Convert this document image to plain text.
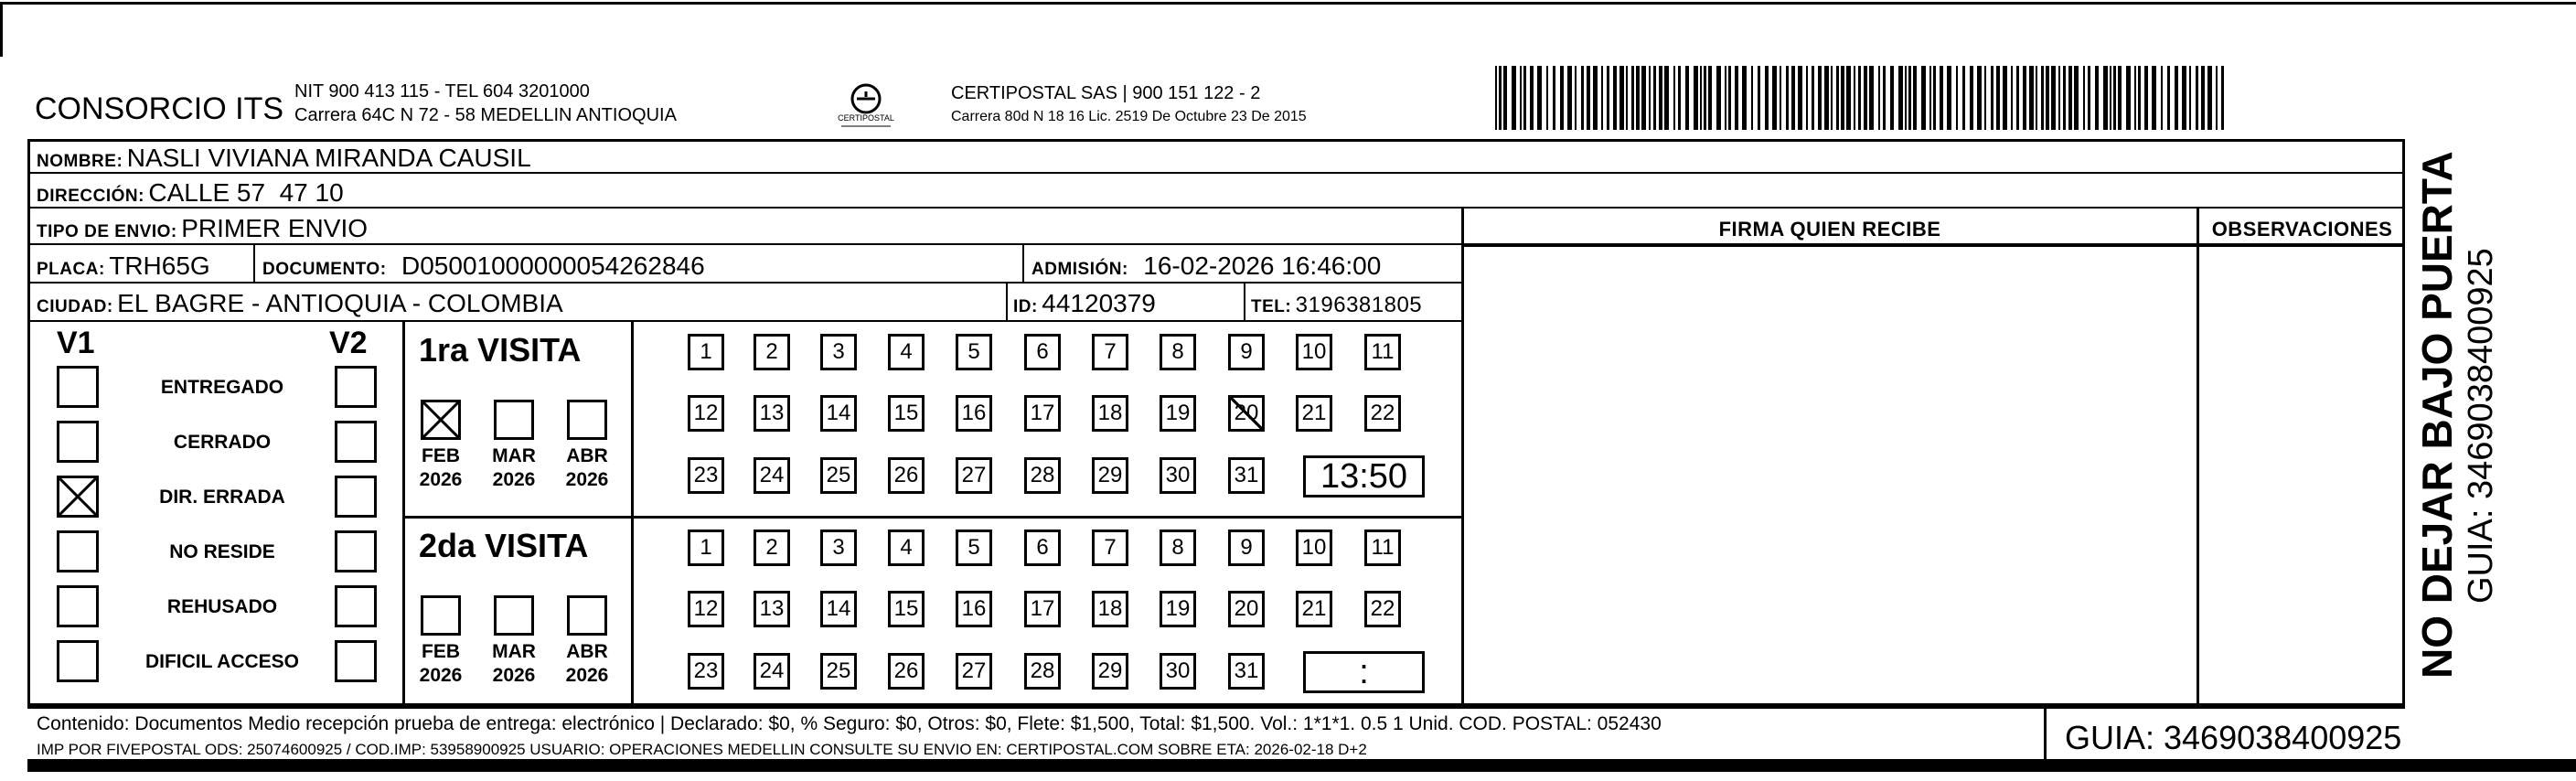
CONSORCIO ITS NIT 900 413 115 - TEL 604 3201000
Carrera 64C N 72 - 58 MEDELLIN ANTIOQUIA	CERTIPOSTAL
CERTIPOSTAL SAS | 900 151 122 - 2
Carrera 80d N 18 16 Lic. 2519 De Octubre 23 De 2015
NOMBRE: NASLI VIVIANA MIRANDA CAUSIL
DIRECCIÓN: CALLE 57  47 10
TIPO DE ENVIO: PRIMER ENVIO
PLACA: TRH65G	DOCUMENTO: D05001000000054262846	ADMISIÓN: 16-02-2026 16:46:00
CIUDAD: EL BAGRE - ANTIOQUIA - COLOMBIA	ID: 44120379	TEL: 3196381805
FIRMA QUIEN RECIBE	OBSERVACIONES
V1	V2
ENTREGADO
CERRADO
DIR. ERRADA
NO RESIDE
REHUSADO
DIFICIL ACCESO
1ra VISITA
FEB
2026
MAR
2026
ABR
2026
1	2	3	4	5	6	7	8	9	10	11
12 13 14 15 16 17 18 19 20 21 22
23 24 25 26 27 28 29 30 31	13:50
2da VISITA
FEB
2026
MAR
2026
ABR
2026
1	2	3	4	5	6	7	8	9	10	11
12 13 14 15 16 17 18 19 20 21 22
23 24 25 26 27 28 29 30 31	:
Contenido: Documentos Medio recepción prueba de entrega: electrónico | Declarado: $0, % Seguro: $0, Otros: $0, Flete: $1,500, Total: $1,500. Vol.: 1*1*1. 0.5 1 Unid. COD. POSTAL: 052430
IMP POR FIVEPOSTAL ODS: 25074600925 / COD.IMP: 53958900925 USUARIO: OPERACIONES MEDELLIN CONSULTE SU ENVIO EN: CERTIPOSTAL.COM SOBRE ETA: 2026-02-18 D+2	GUIA: 3469038400925
NO DEJAR BAJO PUERTA GUIA: 3469038400925
